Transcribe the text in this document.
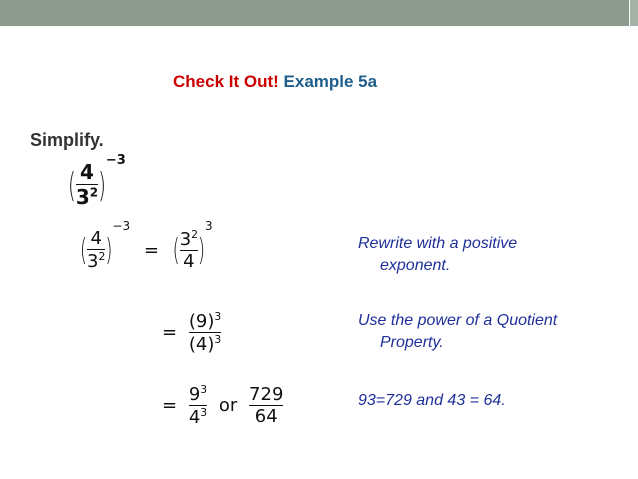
Check It Out! Example 5a
Simplify.
( $\frac{4}{3^2} )^{-3}$
( $\frac{4}{3^2} )^{-3}$ = ( $\frac{3^2}{4} )^3$
Rewrite with a positive
exponent.
= $\frac{(9)^3}{(4)^3}$	Use the power of a Quotient
Property.
= $\frac{9^3}{4^3}$ or $\frac{729}{64}$	93=729 and 43 = 64.
